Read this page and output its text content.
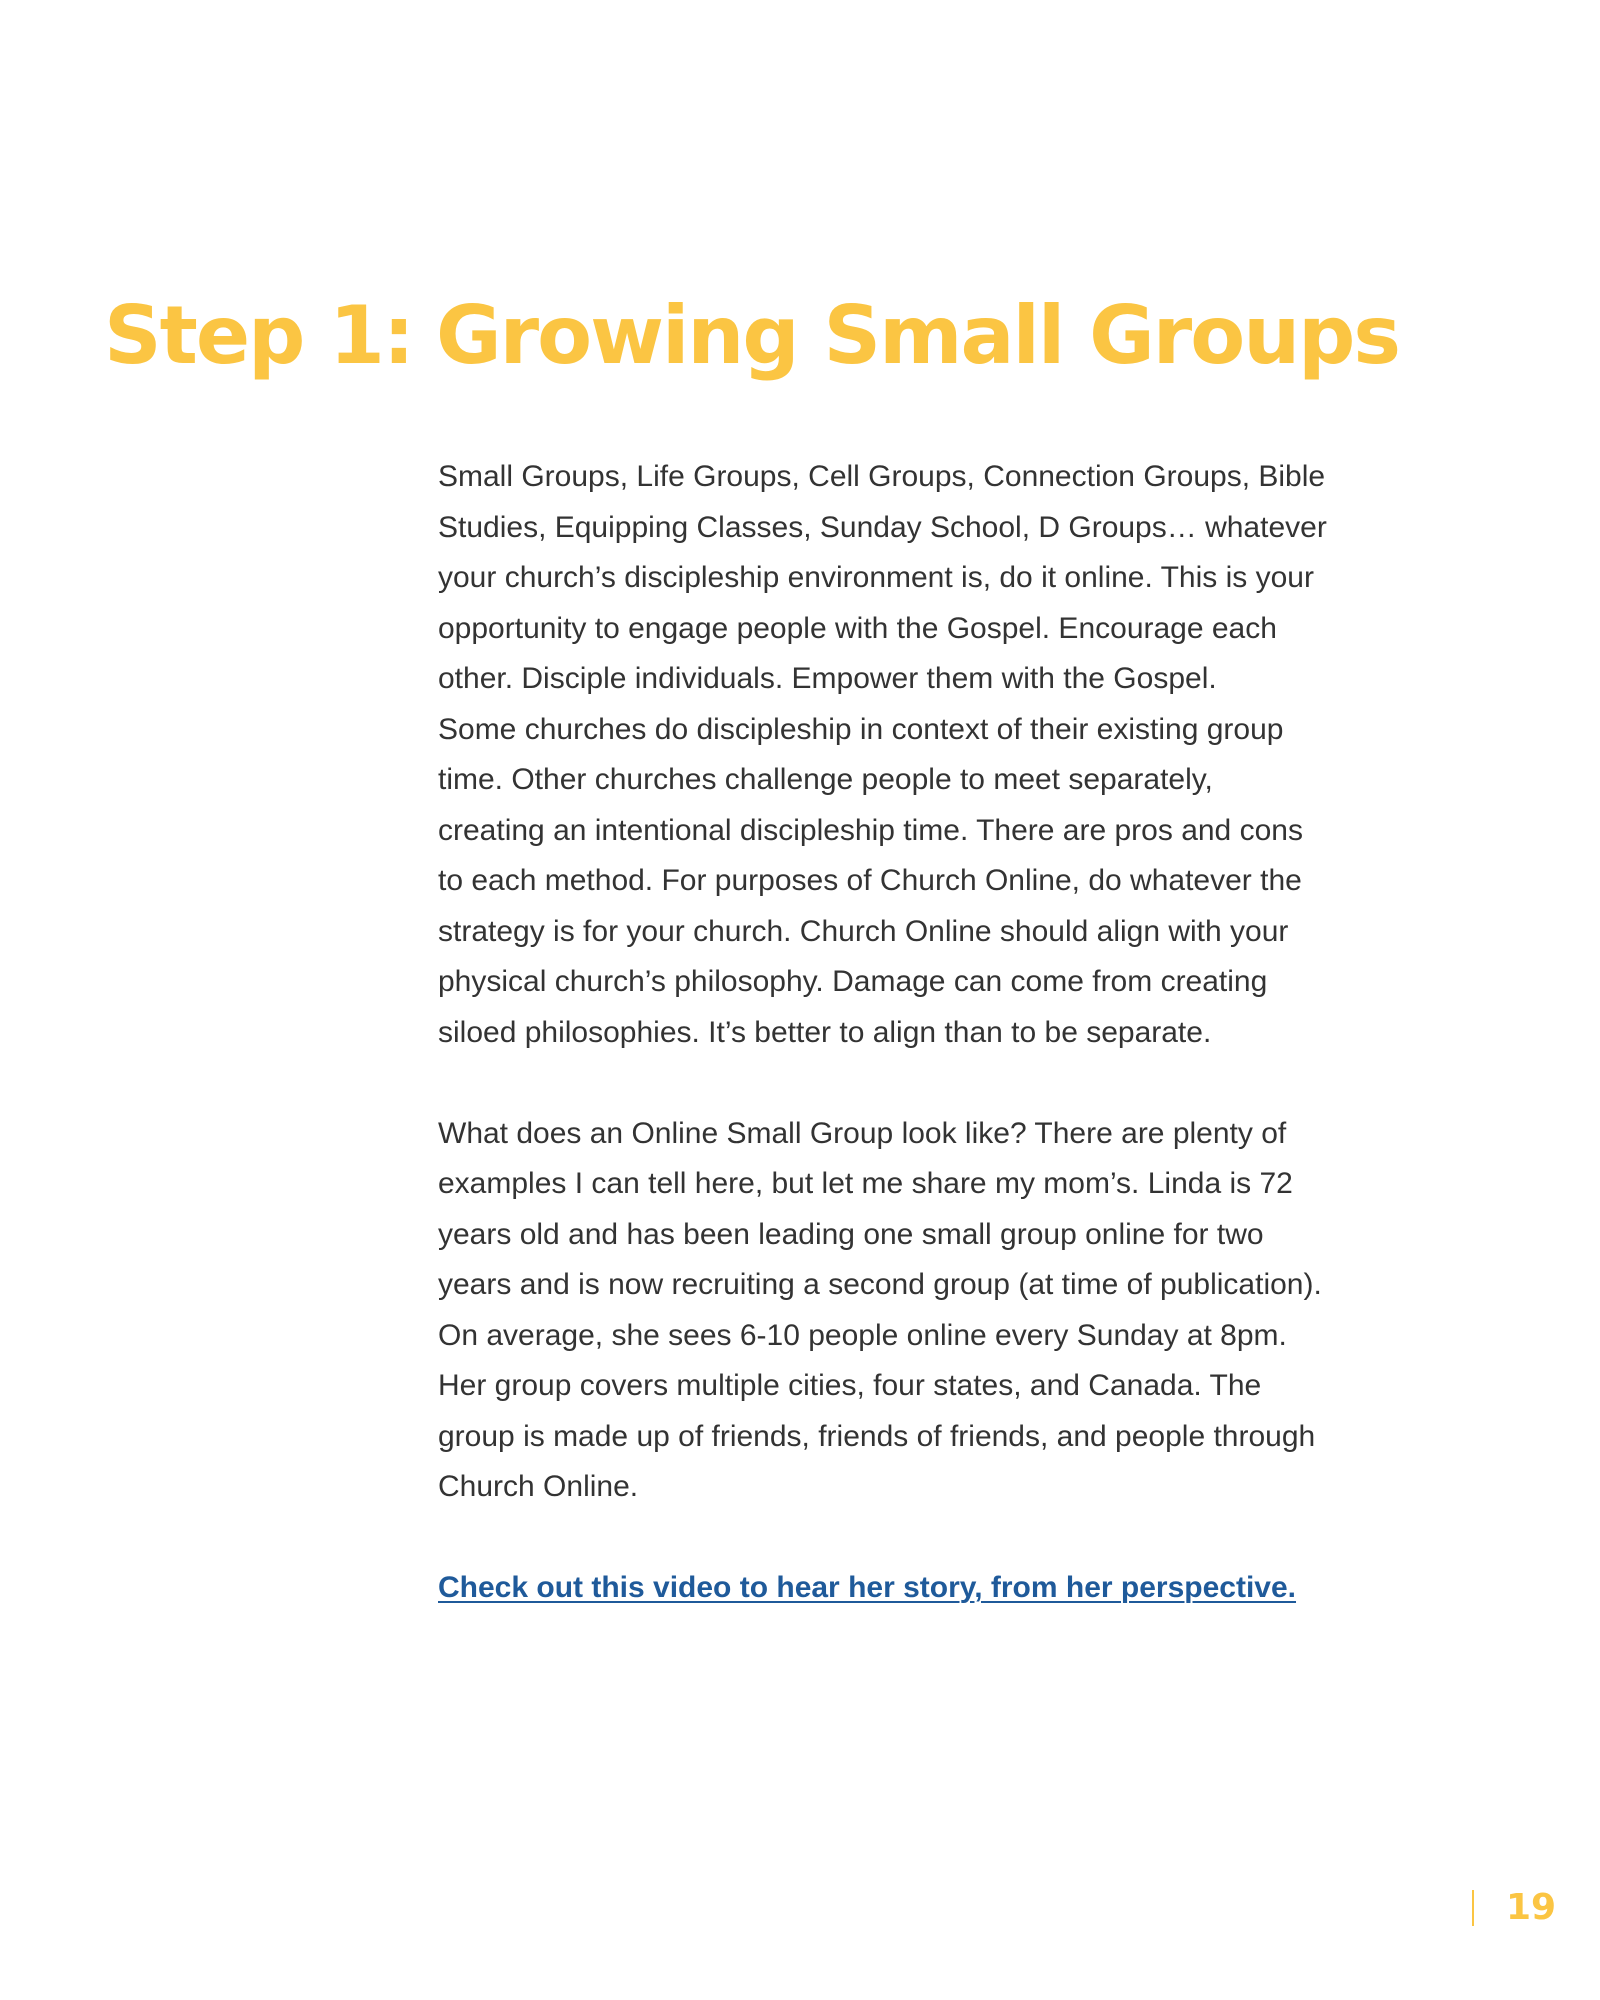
Step 1: Growing Small Groups
Small Groups, Life Groups, Cell Groups, Connection Groups, Bible
Studies, Equipping Classes, Sunday School, D Groups… whatever
your church’s discipleship environment is, do it online. This is your
opportunity to engage people with the Gospel. Encourage each
other. Disciple individuals. Empower them with the Gospel.
Some churches do discipleship in context of their existing group
time. Other churches challenge people to meet separately,
creating an intentional discipleship time. There are pros and cons
to each method. For purposes of Church Online, do whatever the
strategy is for your church. Church Online should align with your
physical church’s philosophy. Damage can come from creating
siloed philosophies. It’s better to align than to be separate.
What does an Online Small Group look like? There are plenty of
examples I can tell here, but let me share my mom’s. Linda is 72
years old and has been leading one small group online for two
years and is now recruiting a second group (at time of publication).
On average, she sees 6-10 people online every Sunday at 8pm.
Her group covers multiple cities, four states, and Canada. The
group is made up of friends, friends of friends, and people through
Church Online.
Check out this video to hear her story, from her perspective.
19
